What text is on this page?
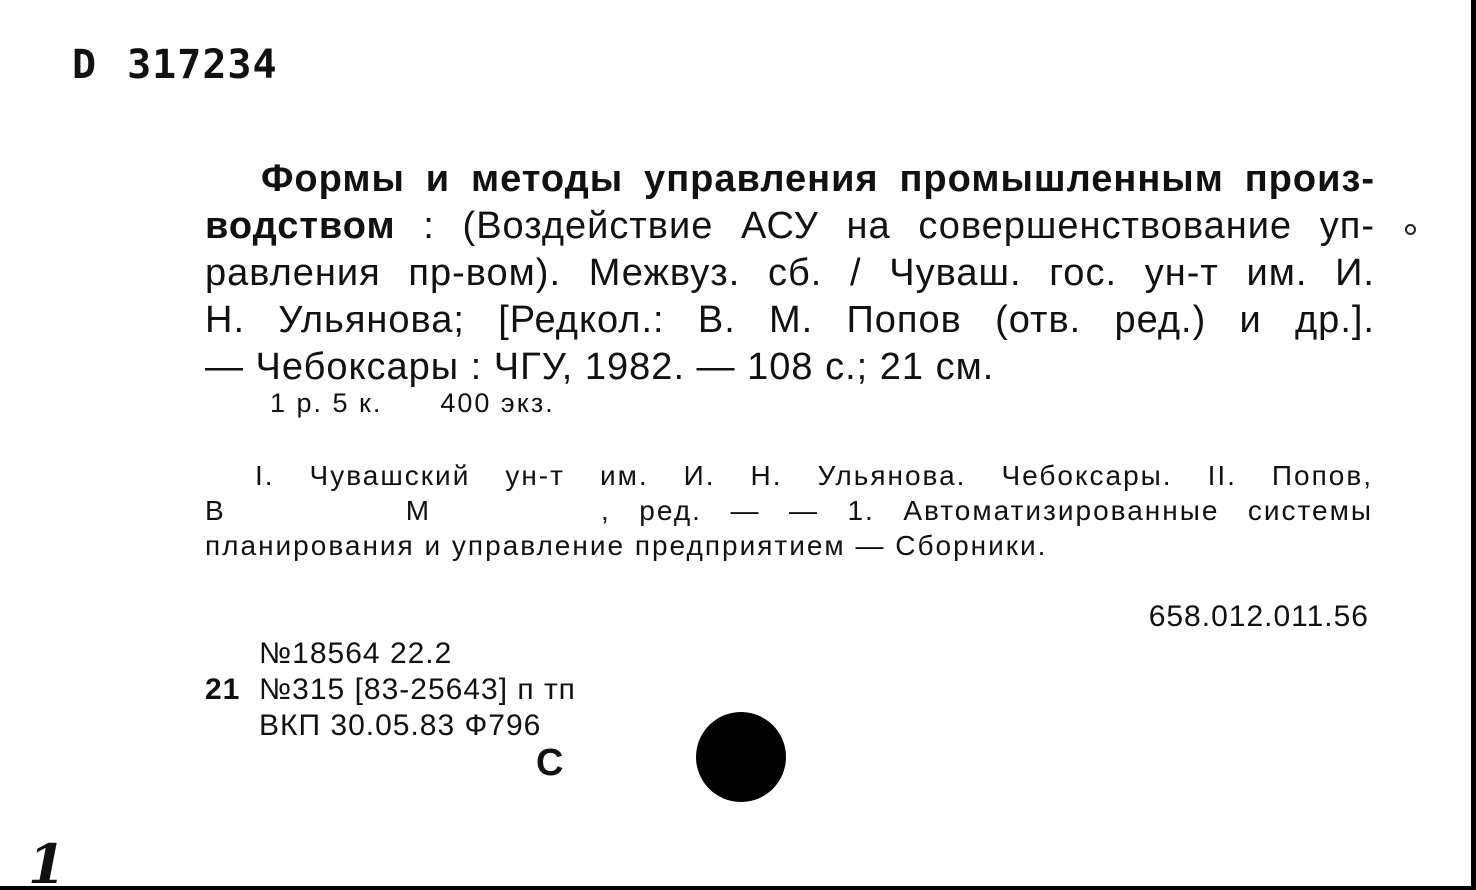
D 317234
Формы и методы управления промышленным произ-
водством : (Воздействие АСУ на совершенствование уп-
равления пр-вом). Межвуз. сб. / Чуваш. гос. ун-т им. И.
Н. Ульянова; [Редкол.: В. М. Попов (отв. ред.) и др.].
— Чебоксары : ЧГУ, 1982. — 108 с.; 21 см.
1 р. 5 к. 400 экз.
I. Чувашский ун-т им. И. Н. Ульянова. Чебоксары. II. Попов,
В	М	, ред. — — 1. Автоматизированные системы
планирования и управление предприятием — Сборники.
658.012.011.56
№18564 22.2
21 №315 [83-25643] п тп
ВКП 30.05.83 Ф796
С
1
